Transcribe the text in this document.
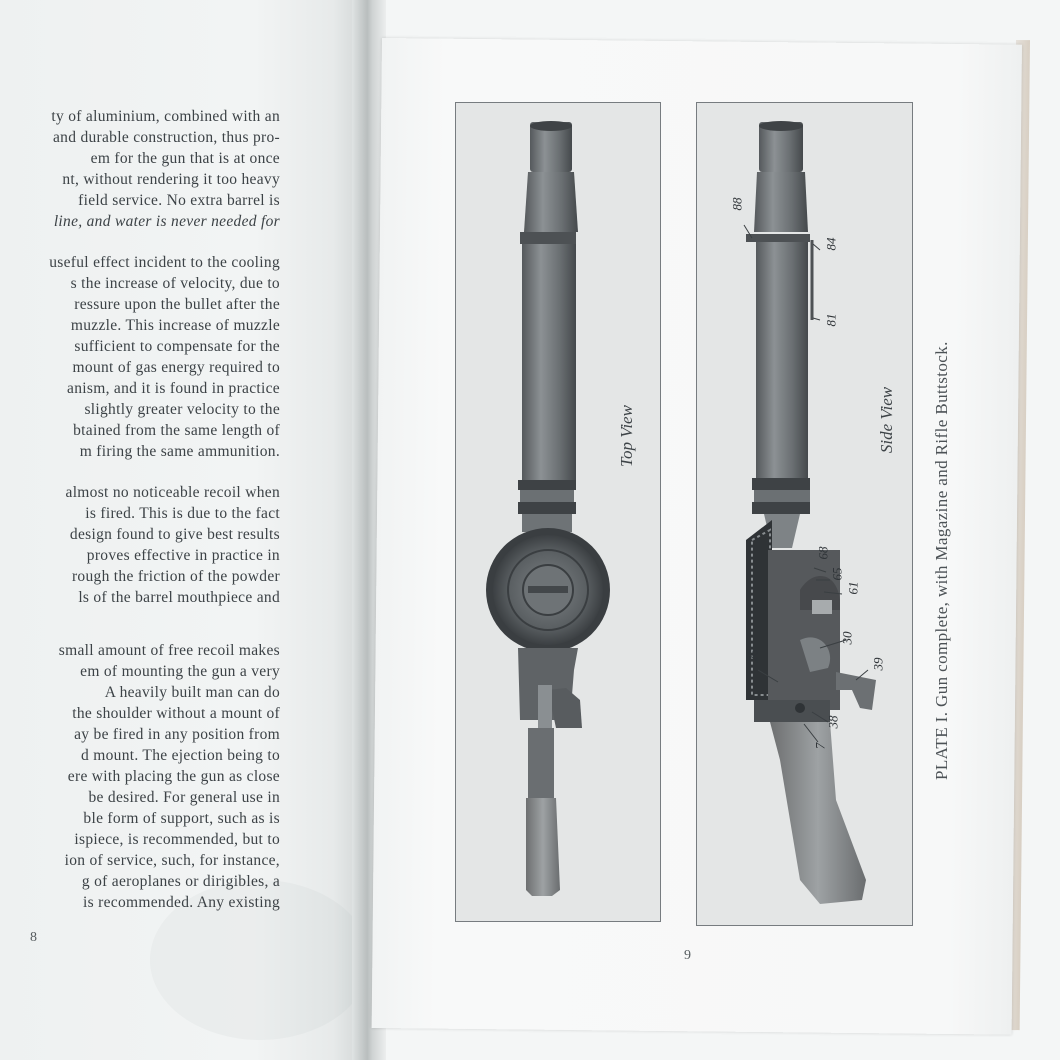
ty of aluminium, combined with an
and durable construction, thus pro-
em for the gun that is at once
nt, without rendering it too heavy
field service. No extra barrel is
line, and water is never needed for
useful effect incident to the cooling
s the increase of velocity, due to
ressure upon the bullet after the
muzzle. This increase of muzzle
sufficient to compensate for the
mount of gas energy required to
anism, and it is found in practice
slightly greater velocity to the
btained from the same length of
m firing the same ammunition.
almost no noticeable recoil when
is fired. This is due to the fact
design found to give best results
proves effective in practice in
rough the friction of the powder
ls of the barrel mouthpiece and
small amount of free recoil makes
em of mounting the gun a very
A heavily built man can do
the shoulder without a mount of
ay be fired in any position from
d mount. The ejection being to
ere with placing the gun as close
be desired. For general use in
ble form of support, such as is
ispiece, is recommended, but to
ion of service, such, for instance,
g of aeroplanes or dirigibles, a
is recommended. Any existing
8
Top View	Side View
88
84
81
68
65
61
30
26
39
38
7	PLATE I. Gun complete, with Magazine and Rifle Buttstock.
9
